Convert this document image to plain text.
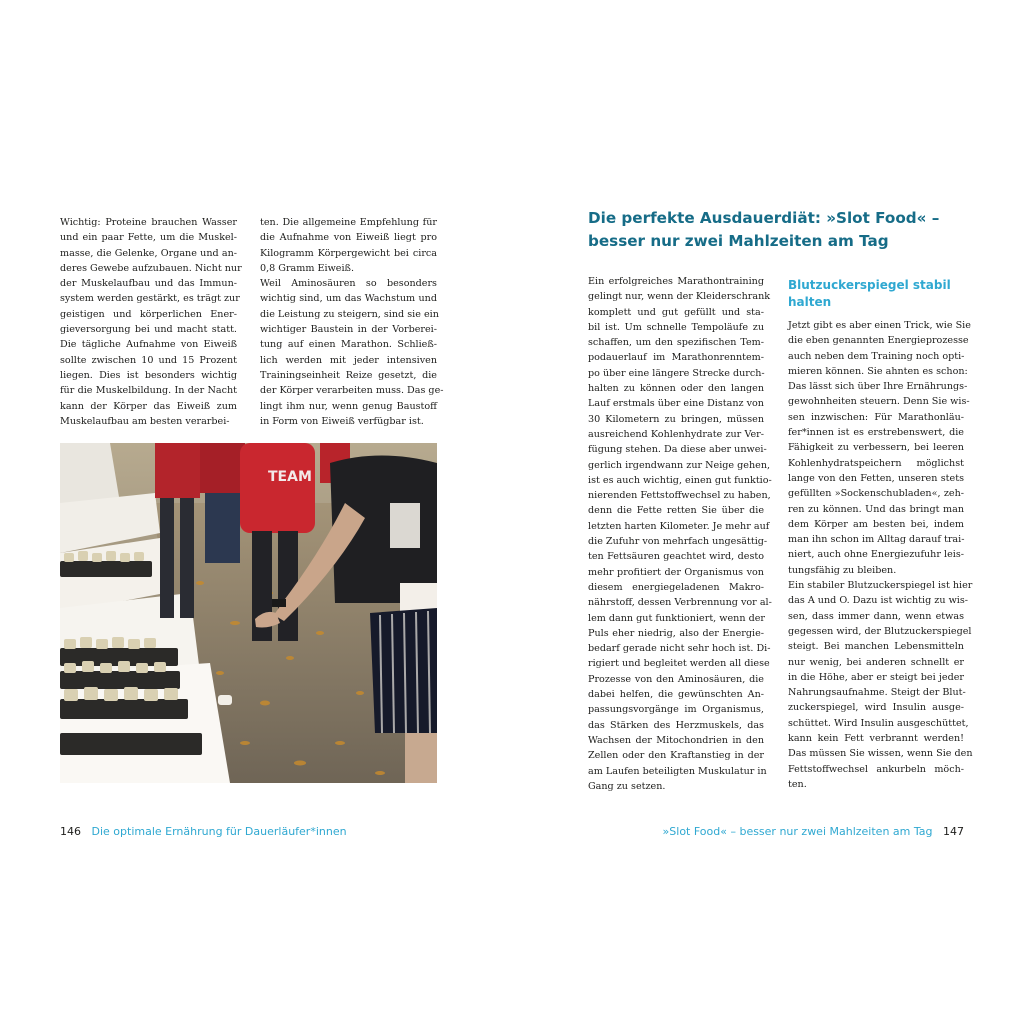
Wichtig: Proteine brauchen Wasser
und ein paar Fette, um die Muskel-
masse, die Gelenke, Organe und an-
deres Gewebe aufzubauen. Nicht nur
der Muskelaufbau und das Immun-
system werden gestärkt, es trägt zur
geistigen und körperlichen Ener-
gieversorgung bei und macht statt.
Die tägliche Aufnahme von Eiweiß
sollte zwischen 10 und 15 Prozent
liegen. Dies ist besonders wichtig
für die Muskelbildung. In der Nacht
kann der Körper das Eiweiß zum
Muskelaufbau am besten verarbei-

ten. Die allgemeine Empfehlung für
die Aufnahme von Eiweiß liegt pro
Kilogramm Körpergewicht bei circa
0,8 Gramm Eiweiß.

Weil Aminosäuren so besonders
wichtig sind, um das Wachstum und
die Leistung zu steigern, sind sie ein
wichtiger Baustein in der Vorberei-
tung auf einen Marathon. Schließ-
lich werden mit jeder intensiven
Trainingseinheit Reize gesetzt, die
der Körper verarbeiten muss. Das ge-
lingt ihm nur, wenn genug Baustoff
in Form von Eiweiß verfügbar ist.

TEAM
146 Die optimale Ernährung für Dauerläufer*innen
Die perfekte Ausdauerdiät: »Slot Food« –
besser nur zwei Mahlzeiten am Tag

Ein erfolgreiches Marathontraining
gelingt nur, wenn der Kleiderschrank
komplett und gut gefüllt und sta-
bil ist. Um schnelle Tempoläufe zu
schaffen, um den spezifischen Tem-
podauerlauf im Marathonrenntem-
po über eine längere Strecke durch-
halten zu können oder den langen
Lauf erstmals über eine Distanz von
30 Kilometern zu bringen, müssen
ausreichend Kohlenhydrate zur Ver-
fügung stehen. Da diese aber unwei-
gerlich irgendwann zur Neige gehen,
ist es auch wichtig, einen gut funktio-
nierenden Fettstoffwechsel zu haben,
denn die Fette retten Sie über die
letzten harten Kilometer. Je mehr auf
die Zufuhr von mehrfach ungesättig-
ten Fettsäuren geachtet wird, desto
mehr profitiert der Organismus von
diesem energiegeladenen Makro-
nährstoff, dessen Verbrennung vor al-
lem dann gut funktioniert, wenn der
Puls eher niedrig, also der Energie-
bedarf gerade nicht sehr hoch ist. Di-
rigiert und begleitet werden all diese
Prozesse von den Aminosäuren, die
dabei helfen, die gewünschten An-
passungsvorgänge im Organismus,
das Stärken des Herzmuskels, das
Wachsen der Mitochondrien in den
Zellen oder den Kraftanstieg in der
am Laufen beteiligten Muskulatur in
Gang zu setzen.

Blutzuckerspiegel stabil
halten

Jetzt gibt es aber einen Trick, wie Sie
die eben genannten Energieprozesse
auch neben dem Training noch opti-
mieren können. Sie ahnten es schon:
Das lässt sich über Ihre Ernährungs-
gewohnheiten steuern. Denn Sie wis-
sen inzwischen: Für Marathonläu-
fer*innen ist es erstrebenswert, die
Fähigkeit zu verbessern, bei leeren
Kohlenhydratspeichern möglichst
lange von den Fetten, unseren stets
gefüllten »Sockenschubladen«, zeh-
ren zu können. Und das bringt man
dem Körper am besten bei, indem
man ihn schon im Alltag darauf trai-
niert, auch ohne Energiezufuhr leis-
tungsfähig zu bleiben.

Ein stabiler Blutzuckerspiegel ist hier
das A und O. Dazu ist wichtig zu wis-
sen, dass immer dann, wenn etwas
gegessen wird, der Blutzuckerspiegel
steigt. Bei manchen Lebensmitteln
nur wenig, bei anderen schnellt er
in die Höhe, aber er steigt bei jeder
Nahrungsaufnahme. Steigt der Blut-
zuckerspiegel, wird Insulin ausge-
schüttet. Wird Insulin ausgeschüttet,
kann kein Fett verbrannt werden!
Das müssen Sie wissen, wenn Sie den
Fettstoffwechsel ankurbeln möch-
ten.

»Slot Food« – besser nur zwei Mahlzeiten am Tag 147
